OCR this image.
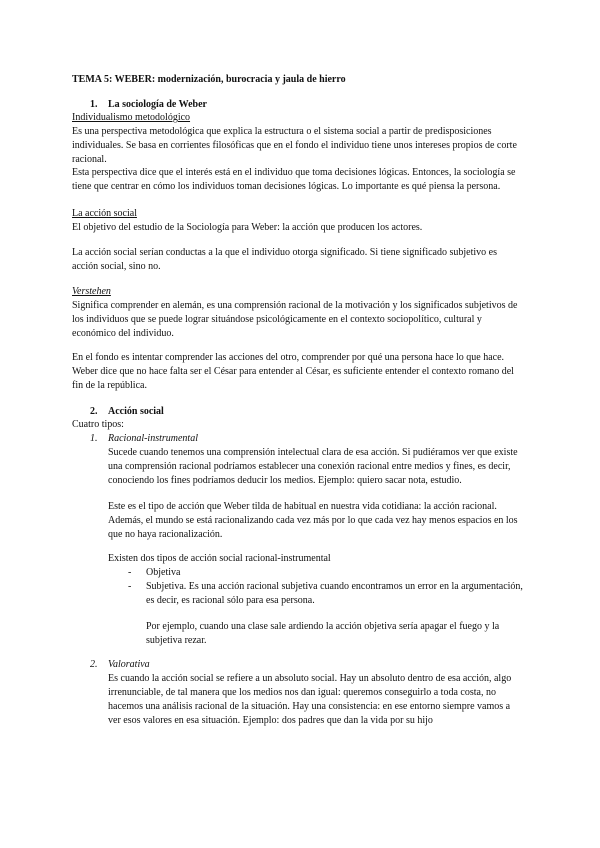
TEMA 5: WEBER: modernización, burocracia y jaula de hierro
1. La sociología de Weber
Individualismo metodológico
Es una perspectiva metodológica que explica la estructura o el sistema social a partir de predisposiciones
individuales. Se basa en corrientes filosóficas que en el fondo el individuo tiene unos intereses propios de corte
racional.
Esta perspectiva dice que el interés está en el individuo que toma decisiones lógicas. Entonces, la sociología se
tiene que centrar en cómo los individuos toman decisiones lógicas. Lo importante es qué piensa la persona.
La acción social
El objetivo del estudio de la Sociología para Weber: la acción que producen los actores.
La acción social serían conductas a la que el individuo otorga significado. Si tiene significado subjetivo es
acción social, sino no.
Verstehen
Significa comprender en alemán, es una comprensión racional de la motivación y los significados subjetivos de
los individuos que se puede lograr situándose psicológicamente en el contexto sociopolítico, cultural y
económico del individuo.
En el fondo es intentar comprender las acciones del otro, comprender por qué una persona hace lo que hace.
Weber dice que no hace falta ser el César para entender al César, es suficiente entender el contexto romano del
fin de la república.
2. Acción social
Cuatro tipos:
1. Racional-instrumental
Sucede cuando tenemos una comprensión intelectual clara de esa acción. Si pudiéramos ver que existe
una comprensión racional podríamos establecer una conexión racional entre medios y fines, es decir,
conociendo los fines podríamos deducir los medios. Ejemplo: quiero sacar nota, estudio.
Este es el tipo de acción que Weber tilda de habitual en nuestra vida cotidiana: la acción racional.
Además, el mundo se está racionalizando cada vez más por lo que cada vez hay menos espacios en los
que no haya racionalización.
Existen dos tipos de acción social racional-instrumental
- Objetiva
- Subjetiva. Es una acción racional subjetiva cuando encontramos un error en la argumentación,
es decir, es racional sólo para esa persona.
Por ejemplo, cuando una clase sale ardiendo la acción objetiva sería apagar el fuego y la
subjetiva rezar.
2. Valorativa
Es cuando la acción social se refiere a un absoluto social. Hay un absoluto dentro de esa acción, algo
irrenunciable, de tal manera que los medios nos dan igual: queremos conseguirlo a toda costa, no
hacemos una análisis racional de la situación. Hay una consistencia: en ese entorno siempre vamos a
ver esos valores en esa situación. Ejemplo: dos padres que dan la vida por su hijo
